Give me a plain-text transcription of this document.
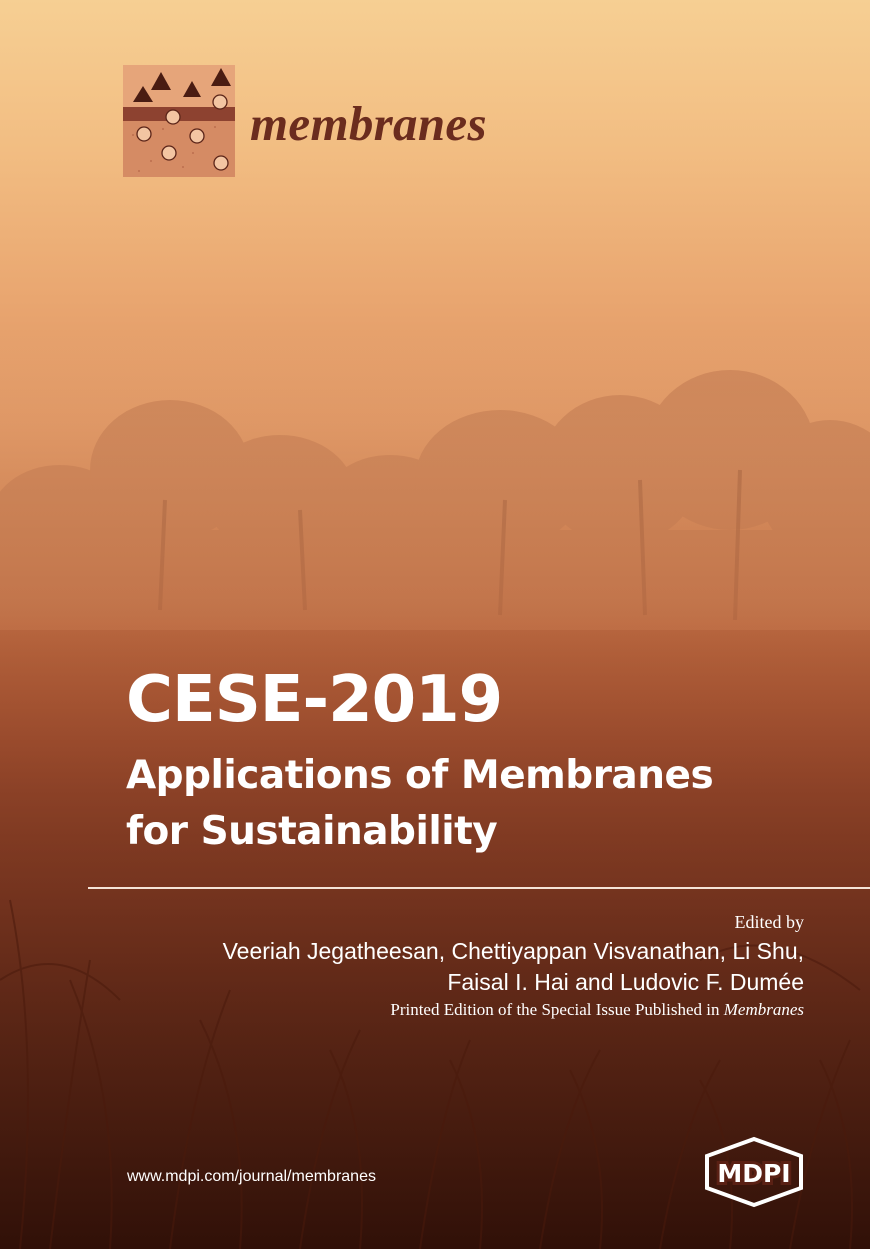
membranes
CESE-2019
Applications of Membranes
for Sustainability
Edited by
Veeriah Jegatheesan, Chettiyappan Visvanathan, Li Shu,
Faisal I. Hai and Ludovic F. Dumée
Printed Edition of the Special Issue Published in Membranes
www.mdpi.com/journal/membranes	MDPI
